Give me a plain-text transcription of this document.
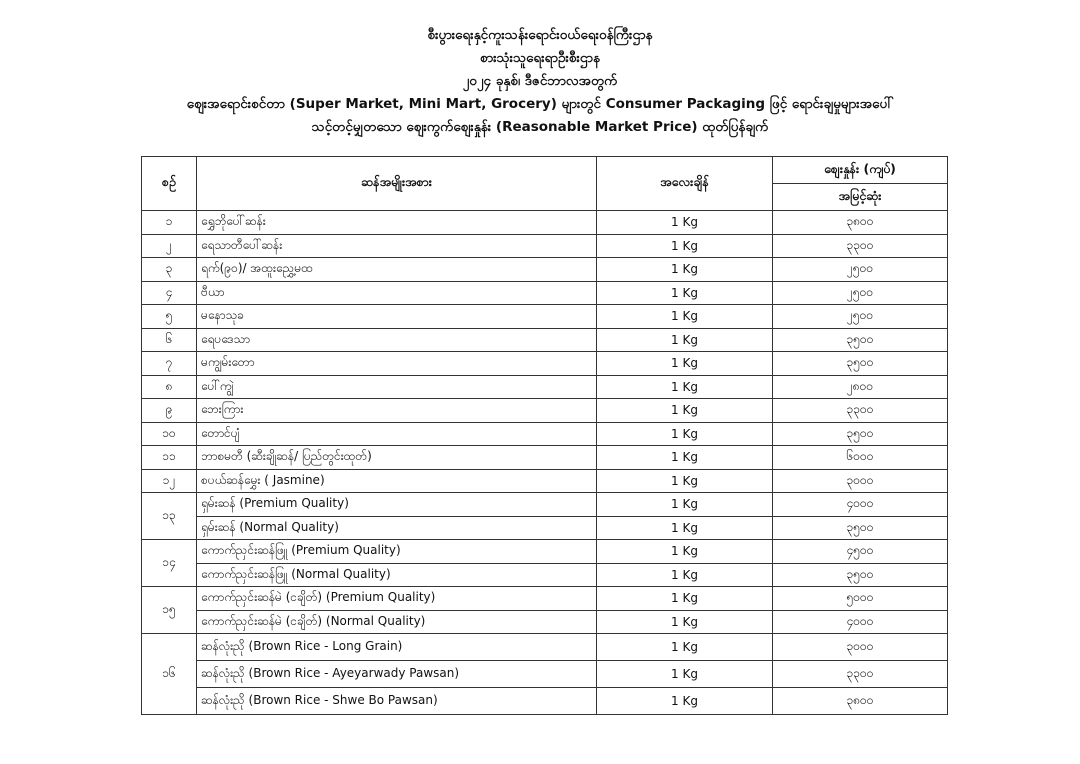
စီးပွားရေးနှင့်ကူးသန်းရောင်းဝယ်ရေးဝန်ကြီးဌာန
စားသုံးသူရေးရာဦးစီးဌာန
၂၀၂၄ ခုနှစ်၊ ဒီဇင်ဘာလအတွက်
စျေးအရောင်းစင်တာ (Super Market, Mini Mart, Grocery) များတွင် Consumer Packaging ဖြင့် ရောင်းချမှုများအပေါ်
သင့်တင့်မျှတသော စျေးကွက်စျေးနှုန်း (Reasonable Market Price) ထုတ်ပြန်ချက်
စဉ်	ဆန်အမျိုးအစား	အလေးချိန်	စျေးနှုန်း (ကျပ်)
			အမြင့်ဆုံး
၁	ရွှေဘိုပေါ်ဆန်း	1 Kg	၃၈၀၀
၂	ရေသာတီပေါ်ဆန်း	1 Kg	၃၃၀၀
၃	ရက်(၉၀)/ အထူးညွှေ့မထ	1 Kg	၂၅၀၀
၄	ဗီယာ	1 Kg	၂၅၀၀
၅	မနောသုခ	1 Kg	၂၅၀၀
၆	ရေပဒေသာ	1 Kg	၃၅၀၀
၇	မကျွမ်းတော	1 Kg	၃၅၀၀
၈	ပေါ်ကျွဲ	1 Kg	၂၈၀၀
၉	ဘေးကြား	1 Kg	၃၃၀၀
၁၀	တောင်ပျံ	1 Kg	၃၅၀၀
၁၁	ဘာစမတီ (ဆီးချိုဆန်/ ပြည်တွင်းထုတ်)	1 Kg	၆၀၀၀
၁၂	စပယ်ဆန်မွှေး ( Jasmine)	1 Kg	၃၀၀၀
၁၃	ရှမ်းဆန် (Premium Quality)	1 Kg	၄၀၀၀
	ရှမ်းဆန် (Normal Quality)	1 Kg	၃၅၀၀
၁၄	ကောက်ညှင်းဆန်ဖြူ (Premium Quality)	1 Kg	၄၅၀၀
	ကောက်ညှင်းဆန်ဖြူ (Normal Quality)	1 Kg	၃၅၀၀
၁၅	ကောက်ညှင်းဆန်မဲ (ငချိတ်) (Premium Quality)	1 Kg	၅၀၀၀
	ကောက်ညှင်းဆန်မဲ (ငချိတ်) (Normal Quality)	1 Kg	၄၀၀၀
၁၆	ဆန်လုံးညို (Brown Rice - Long Grain)	1 Kg	၃၀၀၀
	ဆန်လုံးညို (Brown Rice - Ayeyarwady Pawsan)	1 Kg	၃၃၀၀
	ဆန်လုံးညို (Brown Rice - Shwe Bo Pawsan)	1 Kg	၃၈၀၀
